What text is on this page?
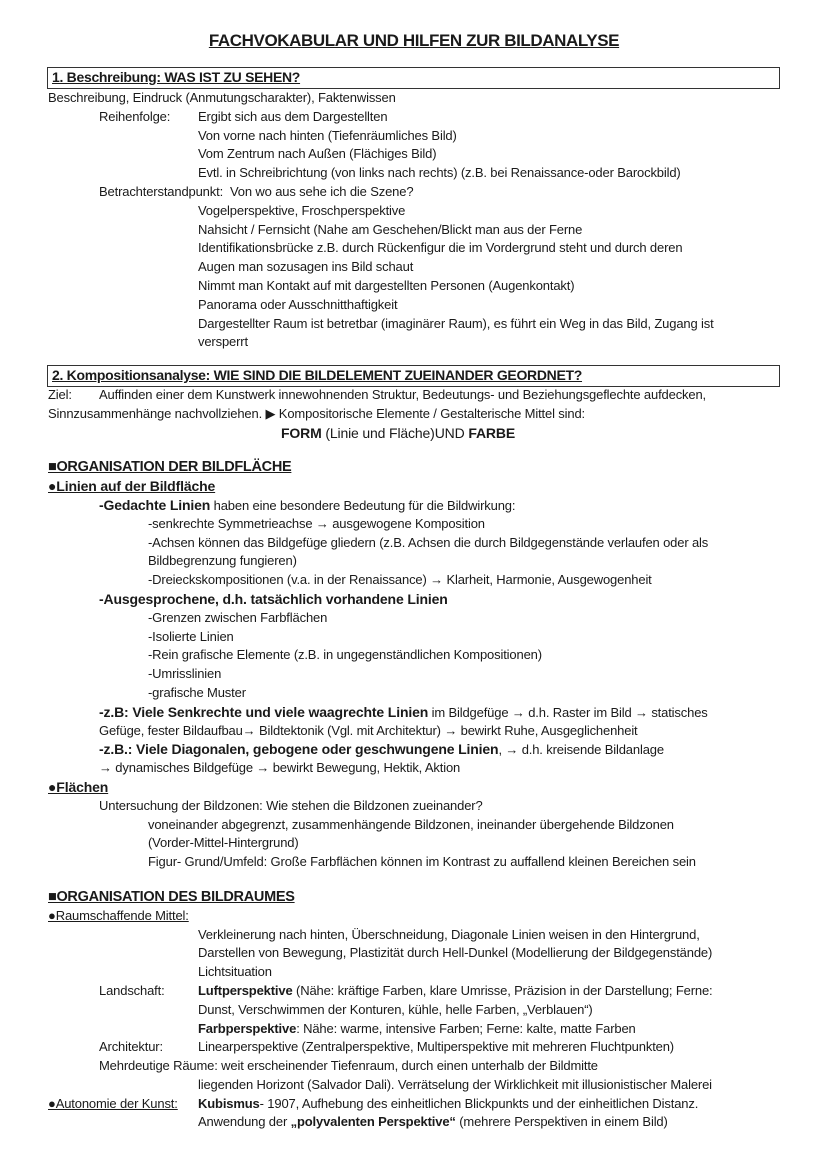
FACHVOKABULAR UND HILFEN ZUR BILDANALYSE
1. Beschreibung: WAS IST ZU SEHEN?
Beschreibung, Eindruck (Anmutungscharakter), Faktenwissen
Reihenfolge: Ergibt sich aus dem Dargestellten
Von vorne nach hinten (Tiefenräumliches Bild)
Vom Zentrum nach Außen (Flächiges Bild)
Evtl. in Schreibrichtung (von links nach rechts) (z.B. bei Renaissance-oder Barockbild)
Betrachterstandpunkt: Von wo aus sehe ich die Szene?
Vogelperspektive, Froschperspektive
Nahsicht / Fernsicht (Nahe am Geschehen/Blickt man aus der Ferne
Identifikationsbrücke z.B. durch Rückenfigur die im Vordergrund steht und durch deren
Augen man sozusagen ins Bild schaut
Nimmt man Kontakt auf mit dargestellten Personen (Augenkontakt)
Panorama oder Ausschnitthaftigkeit
Dargestellter Raum ist betretbar (imaginärer Raum), es führt ein Weg in das Bild, Zugang ist
versperrt
2. Kompositionsanalyse: WIE SIND DIE BILDELEMENT ZUEINANDER GEORDNET?
Ziel: Auffinden einer dem Kunstwerk innewohnenden Struktur, Bedeutungs- und Beziehungsgeflechte aufdecken,
Sinnzusammenhänge nachvollziehen. ▶ Kompositorische Elemente / Gestalterische Mittel sind:
FORM (Linie und Fläche)UND FARBE
■ORGANISATION DER BILDFLÄCHE
●Linien auf der Bildfläche
-Gedachte Linien haben eine besondere Bedeutung für die Bildwirkung:
-senkrechte Symmetrieachse → ausgewogene Komposition
-Achsen können das Bildgefüge gliedern (z.B. Achsen die durch Bildgegenstände verlaufen oder als
Bildbegrenzung fungieren)
-Dreieckskompositionen (v.a. in der Renaissance) → Klarheit, Harmonie, Ausgewogenheit
-Ausgesprochene, d.h. tatsächlich vorhandene Linien
-Grenzen zwischen Farbflächen
-Isolierte Linien
-Rein grafische Elemente (z.B. in ungegenständlichen Kompositionen)
-Umrisslinien
-grafische Muster
-z.B: Viele Senkrechte und viele waagrechte Linien im Bildgefüge → d.h. Raster im Bild → statisches
Gefüge, fester Bildaufbau→ Bildtektonik (Vgl. mit Architektur) → bewirkt Ruhe, Ausgeglichenheit
-z.B.: Viele Diagonalen, gebogene oder geschwungene Linien, → d.h. kreisende Bildanlage
→ dynamisches Bildgefüge → bewirkt Bewegung, Hektik, Aktion
●Flächen
Untersuchung der Bildzonen: Wie stehen die Bildzonen zueinander?
voneinander abgegrenzt, zusammenhängende Bildzonen, ineinander übergehende Bildzonen
(Vorder-Mittel-Hintergrund)
Figur- Grund/Umfeld: Große Farbflächen können im Kontrast zu auffallend kleinen Bereichen sein
■ORGANISATION DES BILDRAUMES
●Raumschaffende Mittel:
Verkleinerung nach hinten, Überschneidung, Diagonale Linien weisen in den Hintergrund,
Darstellen von Bewegung, Plastizität durch Hell-Dunkel (Modellierung der Bildgegenstände)
Lichtsituation
Landschaft:	Luftperspektive (Nähe: kräftige Farben, klare Umrisse, Präzision in der Darstellung; Ferne:
Dunst, Verschwimmen der Konturen, kühle, helle Farben, „Verblauen“)
Farbperspektive: Nähe: warme, intensive Farben; Ferne: kalte, matte Farben
Architektur:	Linearperspektive (Zentralperspektive, Multiperspektive mit mehreren Fluchtpunkten)
Mehrdeutige Räume: weit erscheinender Tiefenraum, durch einen unterhalb der Bildmitte
liegenden Horizont (Salvador Dali). Verrätselung der Wirklichkeit mit illusionistischer Malerei
●Autonomie der Kunst: Kubismus- 1907, Aufhebung des einheitlichen Blickpunkts und der einheitlichen Distanz.
Anwendung der „polyvalenten Perspektive“ (mehrere Perspektiven in einem Bild)
